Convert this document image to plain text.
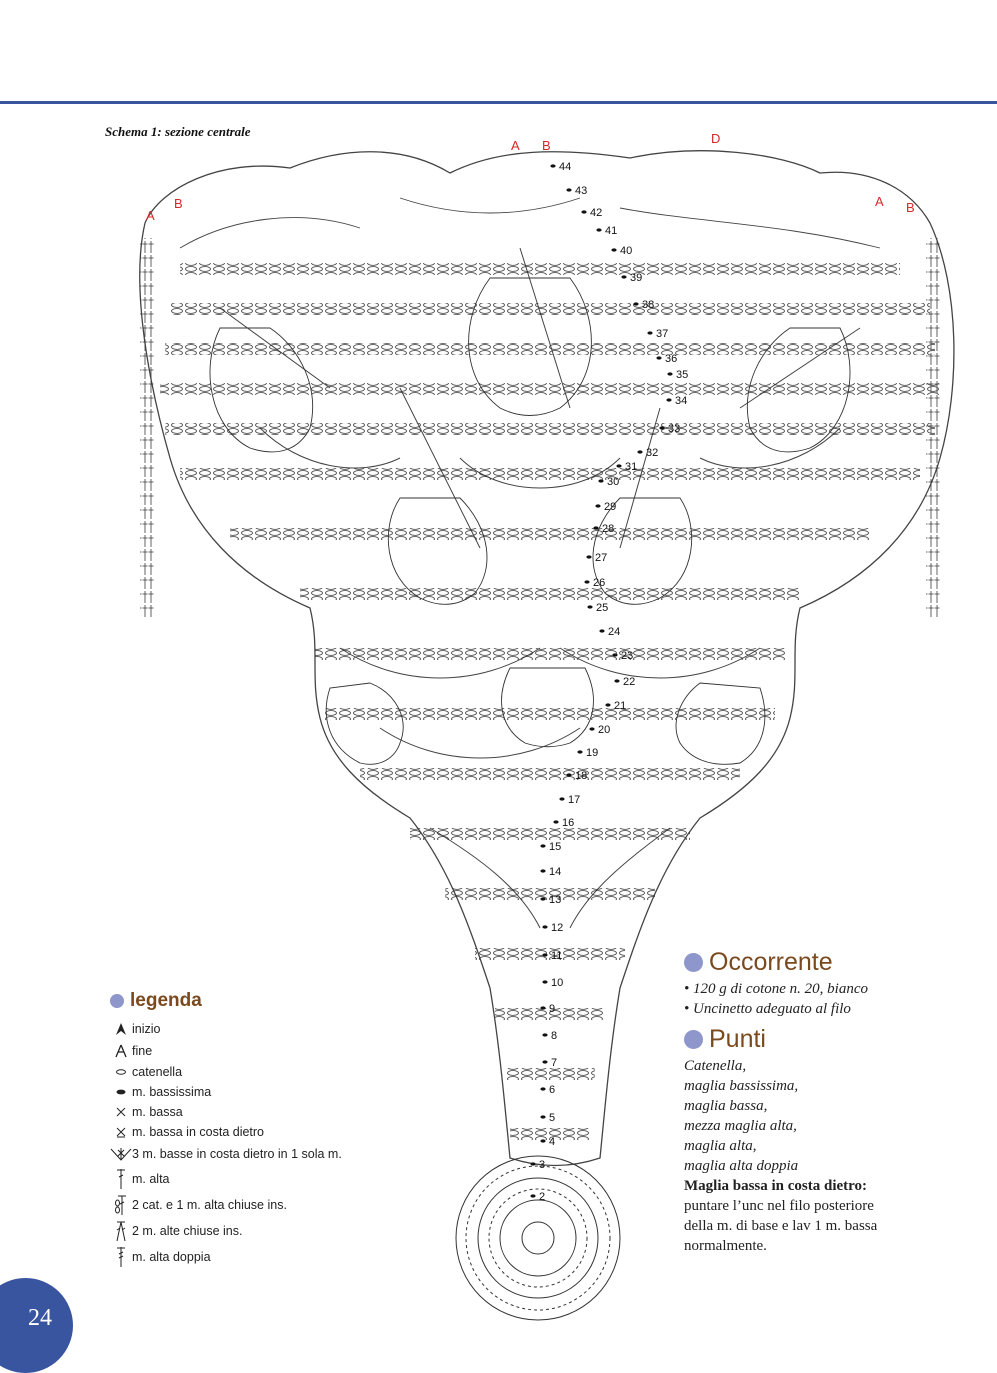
Schema 1: sezione centrale
A
B
A B	D
A B
2
3
4
5
6
7
8
9
10
11
12
13
14
15
16
17
18
19
20
21
22
23
24
25
26
27
28
29
30
31
32
33
34
35
36
37
38
39
40
41
42
43
44
legenda
inizio
fine
catenella
m. bassissima
m. bassa
m. bassa in costa dietro
3 m. basse in costa dietro in 1 sola m.
m. alta
2 cat. e 1 m. alta chiuse ins.
2 m. alte chiuse ins.
m. alta doppia
Occorrente
• 120 g di cotone n. 20, bianco
• Uncinetto adeguato al filo
Punti
Catenella,
maglia bassissima,
maglia bassa,
mezza maglia alta,
maglia alta,
maglia alta doppia
Maglia bassa in costa dietro:
puntare l’unc nel filo posteriore
della m. di base e lav 1 m. bassa
normalmente.
24
